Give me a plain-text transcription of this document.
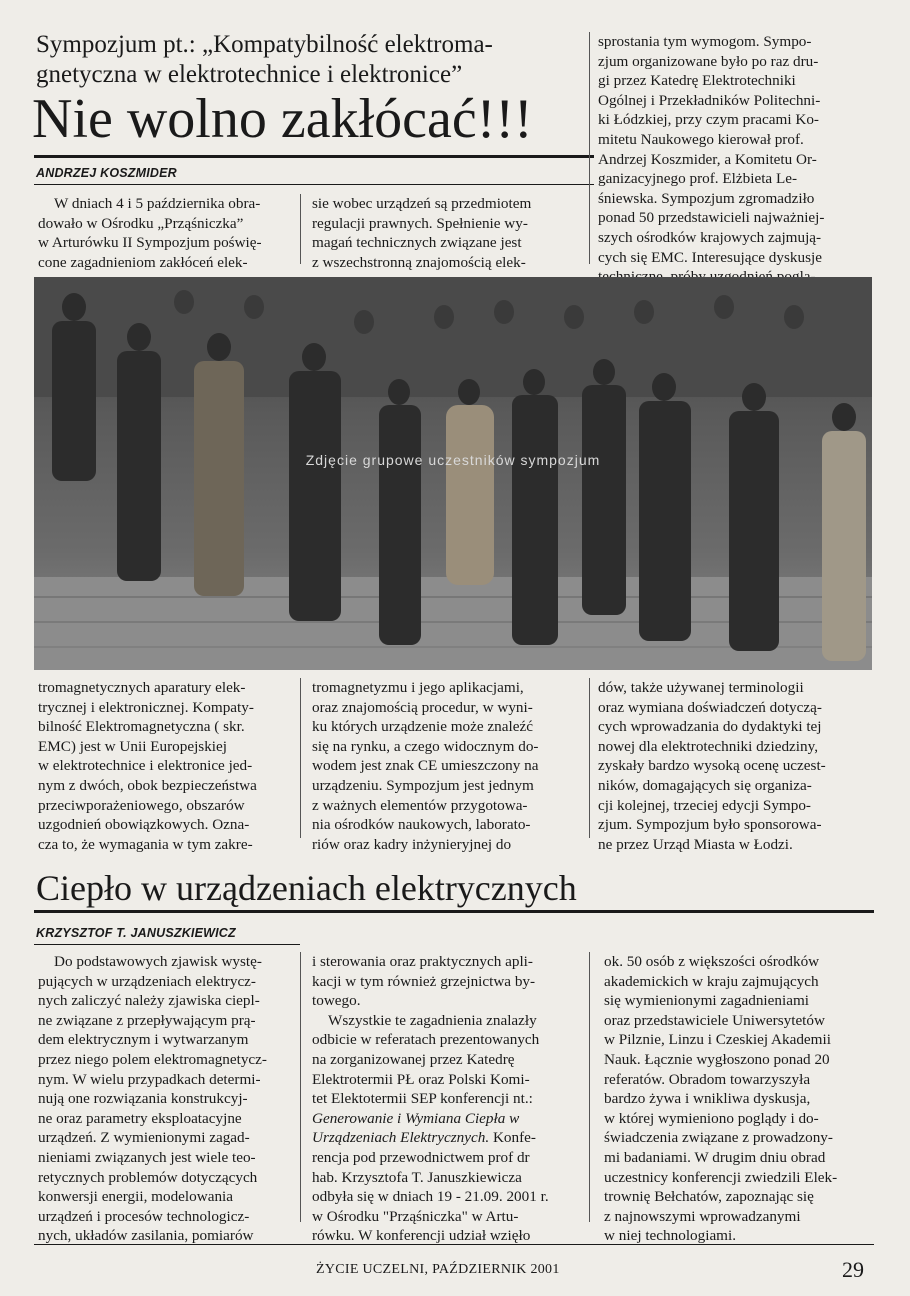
Sympozjum pt.: „Kompatybilność elektroma-
gnetyczna w elektrotechnice i elektronice”
Nie wolno zakłócać!!!
ANDRZEJ KOSZMIDER
W dniach 4 i 5 października obra-
dowało w Ośrodku „Prząśniczka”
w Arturówku II Sympozjum poświę-
cone zagadnieniom zakłóceń elek-
sie wobec urządzeń są przedmiotem
regulacji prawnych. Spełnienie wy-
magań technicznych związane jest
z wszechstronną znajomością elek-
sprostania tym wymogom. Sympo-
zjum organizowane było po raz dru-
gi przez Katedrę Elektrotechniki
Ogólnej i Przekładników Politechni-
ki Łódzkiej, przy czym pracami Ko-
mitetu Naukowego kierował prof.
Andrzej Koszmider, a Komitetu Or-
ganizacyjnego prof. Elżbieta Le-
śniewska. Sympozjum zgromadziło
ponad 50 przedstawicieli najważniej-
szych ośrodków krajowych zajmują-
cych się EMC. Interesujące dyskusje
Zdjęcie grupowe uczestników sympozjum
tromagnetycznych aparatury elek-
trycznej i elektronicznej. Kompaty-
bilność Elektromagnetyczna ( skr.
EMC) jest w Unii Europejskiej
w elektrotechnice i elektronice jed-
nym z dwóch, obok bezpieczeństwa
przeciwporażeniowego, obszarów
uzgodnień obowiązkowych. Ozna-
cza to, że wymagania w tym zakre-
tromagnetyzmu i jego aplikacjami,
oraz znajomością procedur, w wyni-
ku których urządzenie może znaleźć
się na rynku, a czego widocznym do-
wodem jest znak CE umieszczony na
urządzeniu. Sympozjum jest jednym
z ważnych elementów przygotowa-
nia ośrodków naukowych, laborato-
riów oraz kadry inżynieryjnej do
dów, także używanej terminologii
oraz wymiana doświadczeń dotyczą-
cych wprowadzania do dydaktyki tej
nowej dla elektrotechniki dziedziny,
zyskały bardzo wysoką ocenę uczest-
ników, domagających się organiza-
cji kolejnej, trzeciej edycji Sympo-
zjum. Sympozjum było sponsorowa-
ne przez Urząd Miasta w Łodzi.
Ciepło w urządzeniach elektrycznych
KRZYSZTOF T. JANUSZKIEWICZ
Do podstawowych zjawisk wystę-
pujących w urządzeniach elektrycz-
nych zaliczyć należy zjawiska ciepl-
ne związane z przepływającym prą-
dem elektrycznym i wytwarzanym
przez niego polem elektromagnetycz-
nym. W wielu przypadkach determi-
nują one rozwiązania konstrukcyj-
ne oraz parametry eksploatacyjne
urządzeń. Z wymienionymi zagad-
nieniami związanych jest wiele teo-
retycznych problemów dotyczących
konwersji energii, modelowania
urządzeń i procesów technologicz-
nych, układów zasilania, pomiarów
i sterowania oraz praktycznych apli-
kacji w tym również grzejnictwa by-
towego.
Wszystkie te zagadnienia znalazły
odbicie w referatach prezentowanych
na zorganizowanej przez Katedrę
Elektrotermii PŁ oraz Polski Komi-
tet Elektotermii SEP konferencji nt.:
Generowanie i Wymiana Ciepła w
Urządzeniach Elektrycznych. Konfe-
rencja pod przewodnictwem prof dr
hab. Krzysztofa T. Januszkiewicza
odbyła się w dniach 19 - 21.09. 2001 r.
w Ośrodku "Prząśniczka" w Artu-
rówku. W konferencji udział wzięło
ok. 50 osób z większości ośrodków
akademickich w kraju zajmujących
się wymienionymi zagadnieniami
oraz przedstawiciele Uniwersytetów
w Pilznie, Linzu i Czeskiej Akademii
Nauk. Łącznie wygłoszono ponad 20
referatów. Obradom towarzyszyła
bardzo żywa i wnikliwa dyskusja,
w której wymieniono poglądy i do-
świadczenia związane z prowadzony-
mi badaniami. W drugim dniu obrad
uczestnicy konferencji zwiedzili Elek-
trownię Bełchatów, zapoznając się
z najnowszymi wprowadzanymi
w niej technologiami.
ŻYCIE UCZELNI, PAŹDZIERNIK 2001	29
